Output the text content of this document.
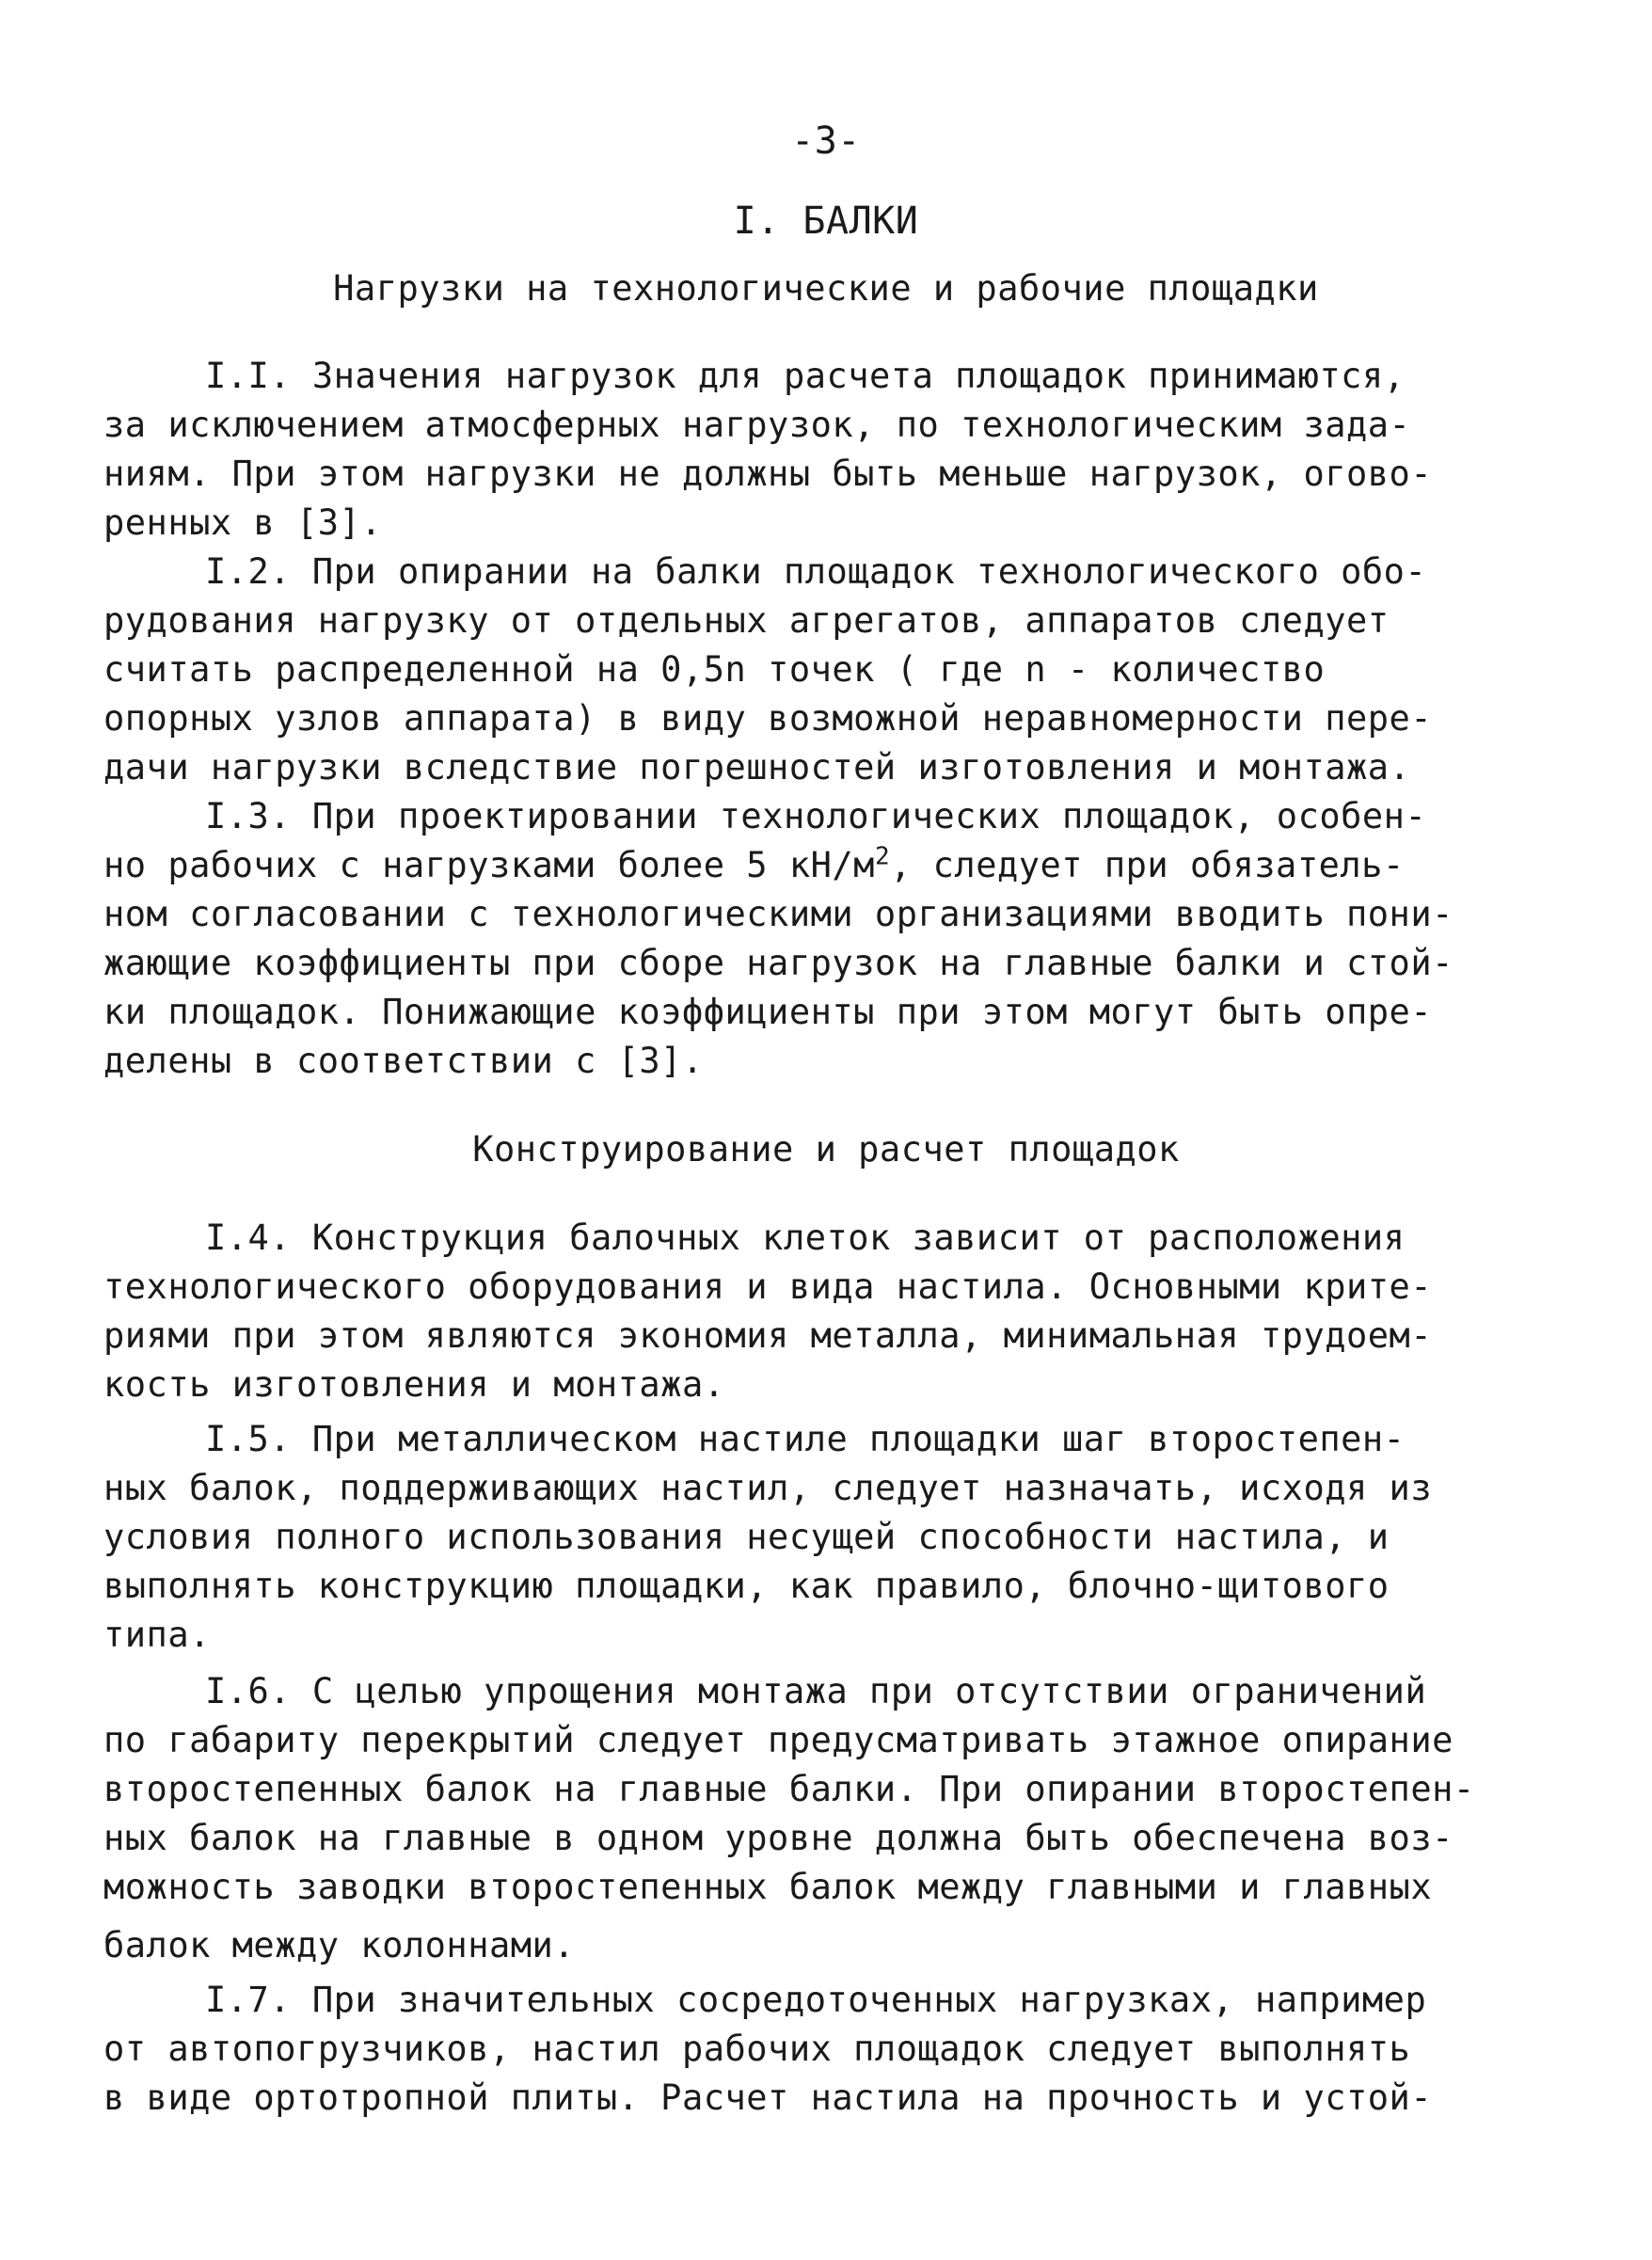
-3-
I. БАЛКИ
Нагрузки на технологические и рабочие площадки
I.I. Значения нагрузок для расчета площадок принимаются,
за исключением атмосферных нагрузок, по технологическим зада-
ниям. При этом нагрузки не должны быть меньше нагрузок, огово-
ренных в [3].
I.2. При опирании на балки площадок технологического обо-
рудования нагрузку от отдельных агрегатов, аппаратов следует
считать распределенной на 0,5n точек ( где n - количество
опорных узлов аппарата) в виду возможной неравномерности пере-
дачи нагрузки вследствие погрешностей изготовления и монтажа.
I.3. При проектировании технологических площадок, особен-
но рабочих с нагрузками более 5 $кН/м^2$, следует при обязатель-
ном согласовании с технологическими организациями вводить пони-
жающие коэффициенты при сборе нагрузок на главные балки и стой-
ки площадок. Понижающие коэффициенты при этом могут быть опре-
делены в соответствии с [3].
Конструирование и расчет площадок
I.4. Конструкция балочных клеток зависит от расположения
технологического оборудования и вида настила. Основными крите-
риями при этом являются экономия металла, минимальная трудоем-
кость изготовления и монтажа.
I.5. При металлическом настиле площадки шаг второстепен-
ных балок, поддерживающих настил, следует назначать, исходя из
условия полного использования несущей способности настила, и
выполнять конструкцию площадки, как правило, блочно-щитового
типа.
I.6. С целью упрощения монтажа при отсутствии ограничений
по габариту перекрытий следует предусматривать этажное опирание
второстепенных балок на главные балки. При опирании второстепен-
ных балок на главные в одном уровне должна быть обеспечена воз-
можность заводки второстепенных балок между главными и главных
балок между колоннами.
I.7. При значительных сосредоточенных нагрузках, например
от автопогрузчиков, настил рабочих площадок следует выполнять
в виде ортотропной плиты. Расчет настила на прочность и устой-
